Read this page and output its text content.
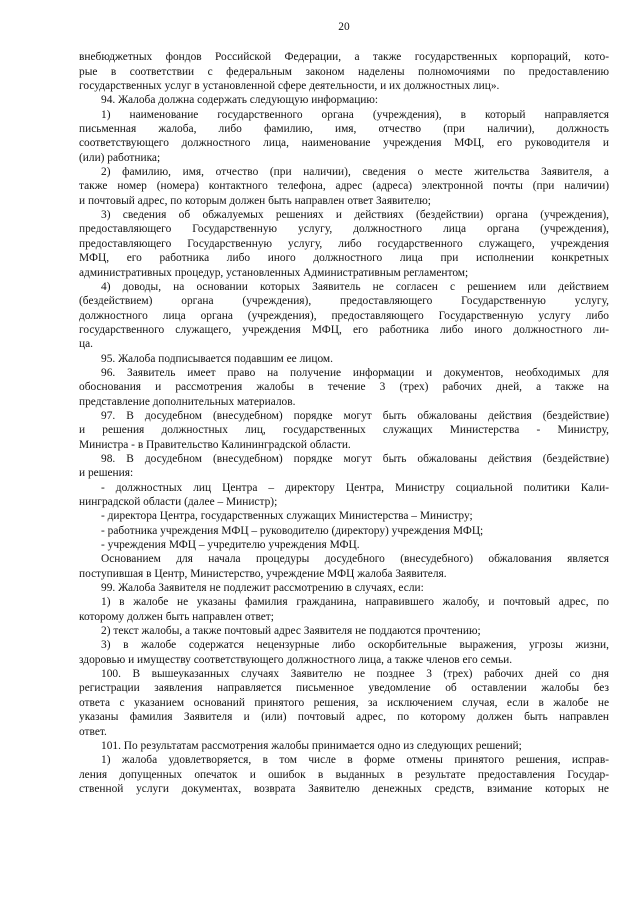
20
внебюджетных фондов Российской Федерации, а также государственных корпораций, кото-
рые в соответствии с федеральным законом наделены полномочиями по предоставлению
государственных услуг в установленной сфере деятельности, и их должностных лиц».
94. Жалоба должна содержать следующую информацию:
1) наименование государственного органа (учреждения), в который направляется
письменная жалоба, либо фамилию, имя, отчество (при наличии), должность
соответствующего должностного лица, наименование учреждения МФЦ, его руководителя и
(или) работника;
2) фамилию, имя, отчество (при наличии), сведения о месте жительства Заявителя, а
также номер (номера) контактного телефона, адрес (адреса) электронной почты (при наличии)
и почтовый адрес, по которым должен быть направлен ответ Заявителю;
3) сведения об обжалуемых решениях и действиях (бездействии) органа (учреждения),
предоставляющего Государственную услугу, должностного лица органа (учреждения),
предоставляющего Государственную услугу, либо государственного служащего, учреждения
МФЦ, его работника либо иного должностного лица при исполнении конкретных
административных процедур, установленных Административным регламентом;
4) доводы, на основании которых Заявитель не согласен с решением или действием
(бездействием) органа (учреждения), предоставляющего Государственную услугу,
должностного лица органа (учреждения), предоставляющего Государственную услугу либо
государственного служащего, учреждения МФЦ, его работника либо иного должностного ли-
ца.
95. Жалоба подписывается подавшим ее лицом.
96. Заявитель имеет право на получение информации и документов, необходимых для
обоснования и рассмотрения жалобы в течение 3 (трех) рабочих дней, а также на
представление дополнительных материалов.
97. В досудебном (внесудебном) порядке могут быть обжалованы действия (бездействие)
и решения должностных лиц, государственных служащих Министерства - Министру,
Министра - в Правительство Калининградской области.
98. В досудебном (внесудебном) порядке могут быть обжалованы действия (бездействие)
и решения:
- должностных лиц Центра – директору Центра, Министру социальной политики Кали-
нинградской области (далее – Министр);
- директора Центра, государственных служащих Министерства – Министру;
- работника учреждения МФЦ – руководителю (директору) учреждения МФЦ;
- учреждения МФЦ – учредителю учреждения МФЦ.
Основанием для начала процедуры досудебного (внесудебного) обжалования является
поступившая в Центр, Министерство, учреждение МФЦ жалоба Заявителя.
99. Жалоба Заявителя не подлежит рассмотрению в случаях, если:
1) в жалобе не указаны фамилия гражданина, направившего жалобу, и почтовый адрес, по
которому должен быть направлен ответ;
2) текст жалобы, а также почтовый адрес Заявителя не поддаются прочтению;
3) в жалобе содержатся нецензурные либо оскорбительные выражения, угрозы жизни,
здоровью и имуществу соответствующего должностного лица, а также членов его семьи.
100. В вышеуказанных случаях Заявителю не позднее 3 (трех) рабочих дней со дня
регистрации заявления направляется письменное уведомление об оставлении жалобы без
ответа с указанием оснований принятого решения, за исключением случая, если в жалобе не
указаны фамилия Заявителя и (или) почтовый адрес, по которому должен быть направлен
ответ.
101. По результатам рассмотрения жалобы принимается одно из следующих решений;
1) жалоба удовлетворяется, в том числе в форме отмены принятого решения, исправ-
ления допущенных опечаток и ошибок в выданных в результате предоставления Государ-
ственной услуги документах, возврата Заявителю денежных средств, взимание которых не
